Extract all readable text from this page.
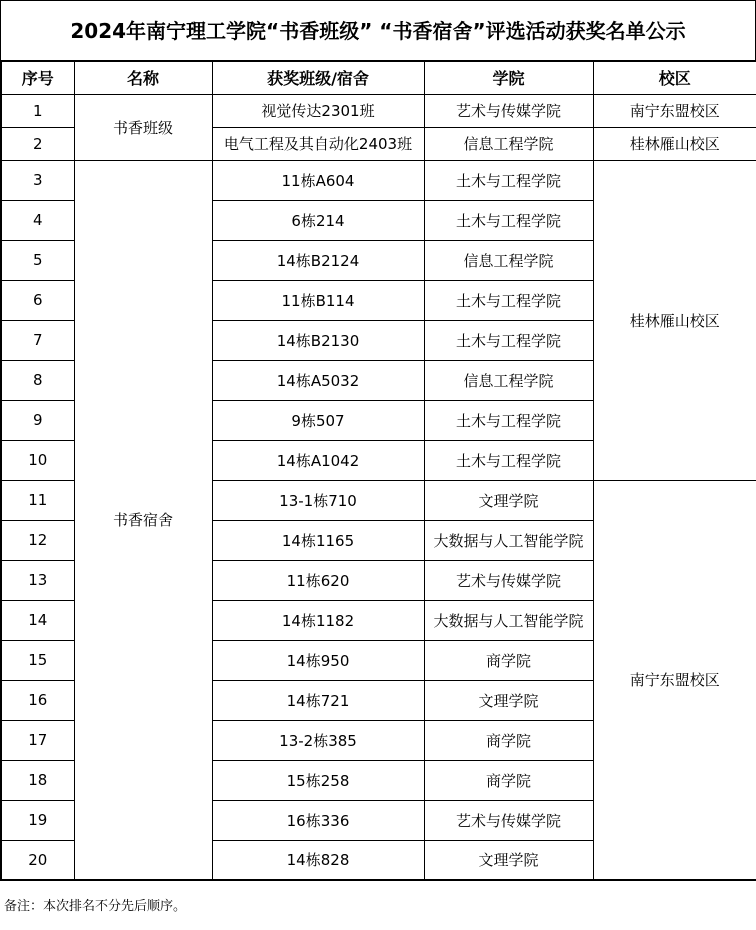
2024年南宁理工学院“书香班级” “书香宿舍”评选活动获奖名单公示
序号	名称	获奖班级/宿舍	学院	校区
1	书香班级	视觉传达2301班	艺术与传媒学院	南宁东盟校区
2		电气工程及其自动化2403班	信息工程学院	桂林雁山校区
3	书香宿舍	11栋A604	土木与工程学院	桂林雁山校区
4		6栋214	土木与工程学院	
5		14栋B2124	信息工程学院	
6		11栋B114	土木与工程学院	
7		14栋B2130	土木与工程学院	
8		14栋A5032	信息工程学院	
9		9栋507	土木与工程学院	
10		14栋A1042	土木与工程学院	
11		13-1栋710	文理学院	南宁东盟校区
12		14栋1165	大数据与人工智能学院	
13		11栋620	艺术与传媒学院	
14		14栋1182	大数据与人工智能学院	
15		14栋950	商学院	
16		14栋721	文理学院	
17		13-2栋385	商学院	
18		15栋258	商学院	
19		16栋336	艺术与传媒学院	
20		14栋828	文理学院	
备注：本次排名不分先后顺序。
